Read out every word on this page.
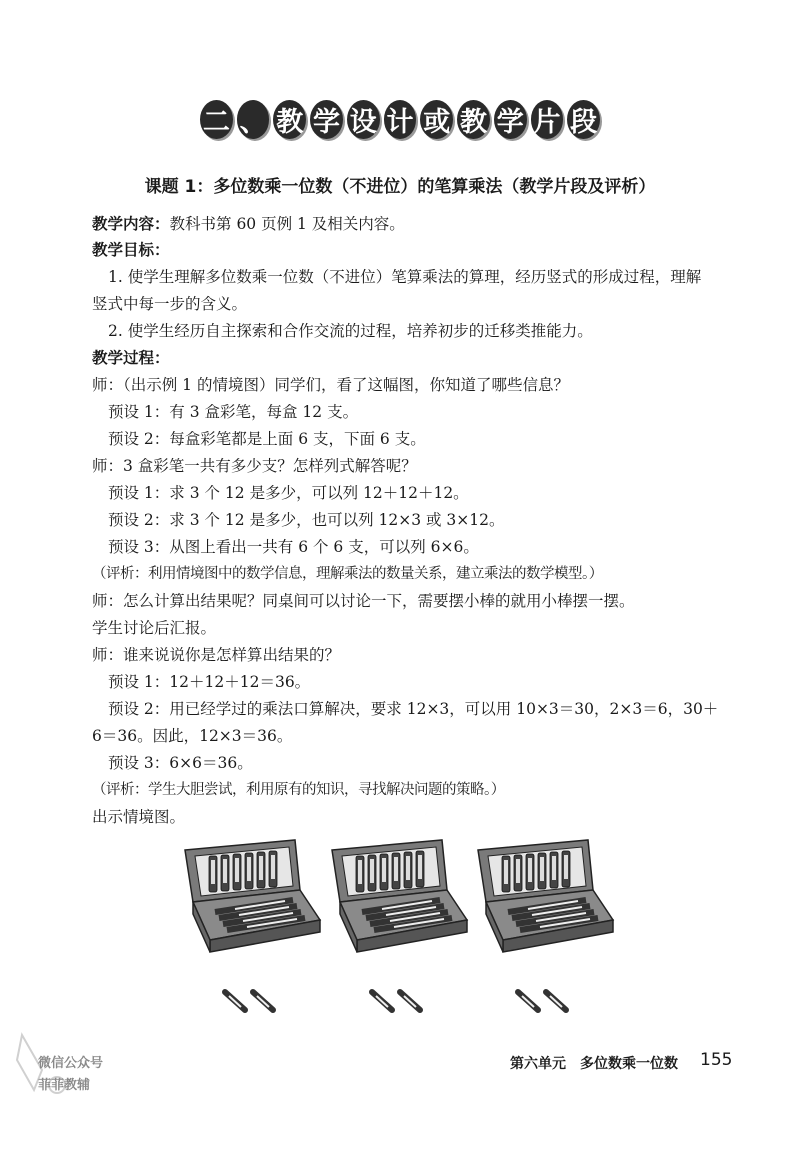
二 、 教 学 设 计 或 教 学 片 段
课题 1：多位数乘一位数（不进位）的笔算乘法（教学片段及评析）
教学内容：教科书第 60 页例 1 及相关内容。
教学目标：
1. 使学生理解多位数乘一位数（不进位）笔算乘法的算理，经历竖式的形成过程，理解
竖式中每一步的含义。
2. 使学生经历自主探索和合作交流的过程，培养初步的迁移类推能力。
教学过程：
师：（出示例 1 的情境图）同学们，看了这幅图，你知道了哪些信息？
预设 1：有 3 盒彩笔，每盒 12 支。
预设 2：每盒彩笔都是上面 6 支，下面 6 支。
师：3 盒彩笔一共有多少支？怎样列式解答呢？
预设 1：求 3 个 12 是多少，可以列 12＋12＋12。
预设 2：求 3 个 12 是多少，也可以列 12×3 或 3×12。
预设 3：从图上看出一共有 6 个 6 支，可以列 6×6。
（评析：利用情境图中的数学信息，理解乘法的数量关系，建立乘法的数学模型。）
师：怎么计算出结果呢？同桌间可以讨论一下，需要摆小棒的就用小棒摆一摆。
学生讨论后汇报。
师：谁来说说你是怎样算出结果的？
预设 1：12＋12＋12＝36。
预设 2：用已经学过的乘法口算解决，要求 12×3，可以用 10×3＝30，2×3＝6，30＋
6＝36。因此，12×3＝36。
预设 3：6×6＝36。
（评析：学生大胆尝试，利用原有的知识，寻找解决问题的策略。）
出示情境图。
微信公众号
菲菲教辅
第六单元　多位数乘一位数 155
